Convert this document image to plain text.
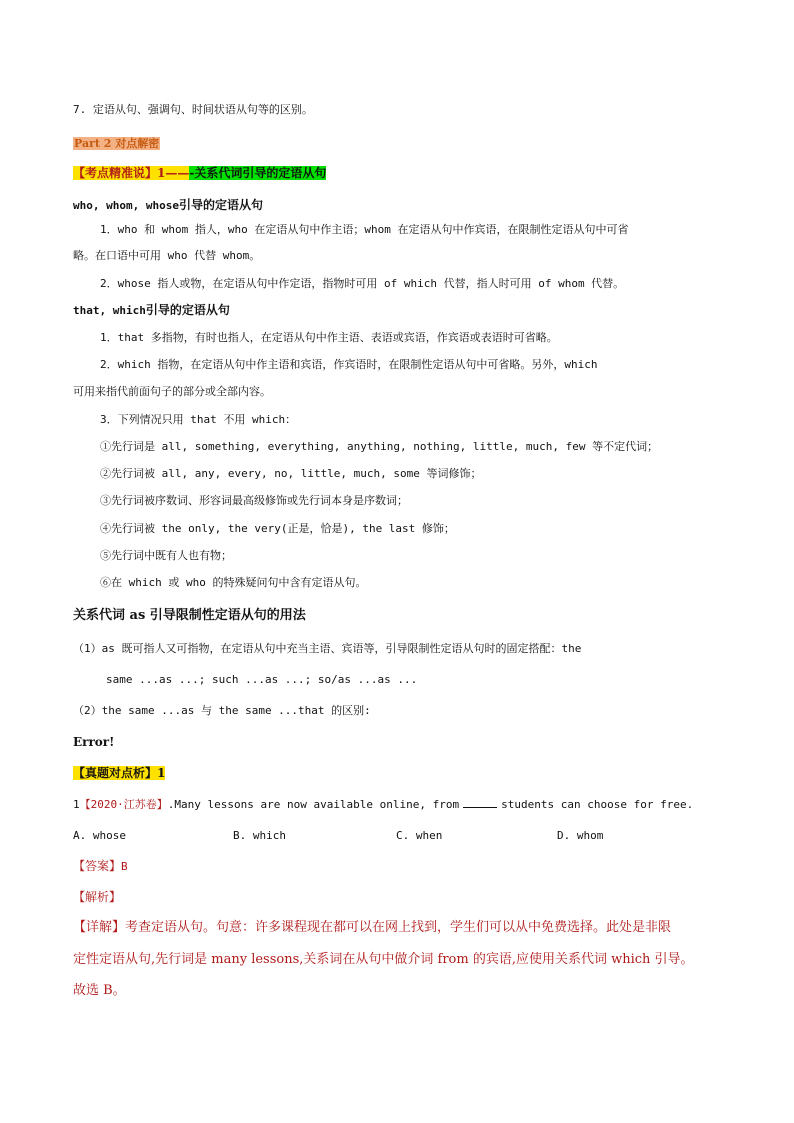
7. 定语从句、强调句、时间状语从句等的区别。
Part 2 对点解密
【考点精准说】1——-关系代词引导的定语从句
who, whom, whose引导的定语从句
1．who 和 whom 指人，who 在定语从句中作主语；whom 在定语从句中作宾语，在限制性定语从句中可省
略。在口语中可用 who 代替 whom。
2．whose 指人或物，在定语从句中作定语，指物时可用 of which 代替，指人时可用 of whom 代替。
that, which引导的定语从句
1．that 多指物，有时也指人，在定语从句中作主语、表语或宾语，作宾语或表语时可省略。
2．which 指物，在定语从句中作主语和宾语，作宾语时，在限制性定语从句中可省略。另外，which
可用来指代前面句子的部分或全部内容。
3．下列情况只用 that 不用 which：
①先行词是 all, something, everything, anything, nothing, little, much, few 等不定代词；
②先行词被 all, any, every, no, little, much, some 等词修饰；
③先行词被序数词、形容词最高级修饰或先行词本身是序数词；
④先行词被 the only, the very(正是，恰是), the last 修饰；
⑤先行词中既有人也有物；
⑥在 which 或 who 的特殊疑问句中含有定语从句。
关系代词 as 引导限制性定语从句的用法
（1）as 既可指人又可指物，在定语从句中充当主语、宾语等，引导限制性定语从句时的固定搭配：the
same ...as ...; such ...as ...; so/as ...as ...
（2）the same ...as 与 the same ...that 的区别:
Error!
【真题对点析】1
1【2020·江苏卷】.Many lessons are now available online, from	students can choose for free.
A. whose	B. which	C. when	D. whom
【答案】B
【解析】
【详解】考查定语从句。句意：许多课程现在都可以在网上找到，学生们可以从中免费选择。此处是非限
定性定语从句,先行词是 many lessons,关系词在从句中做介词 from 的宾语,应使用关系代词 which 引导。
故选 B。
